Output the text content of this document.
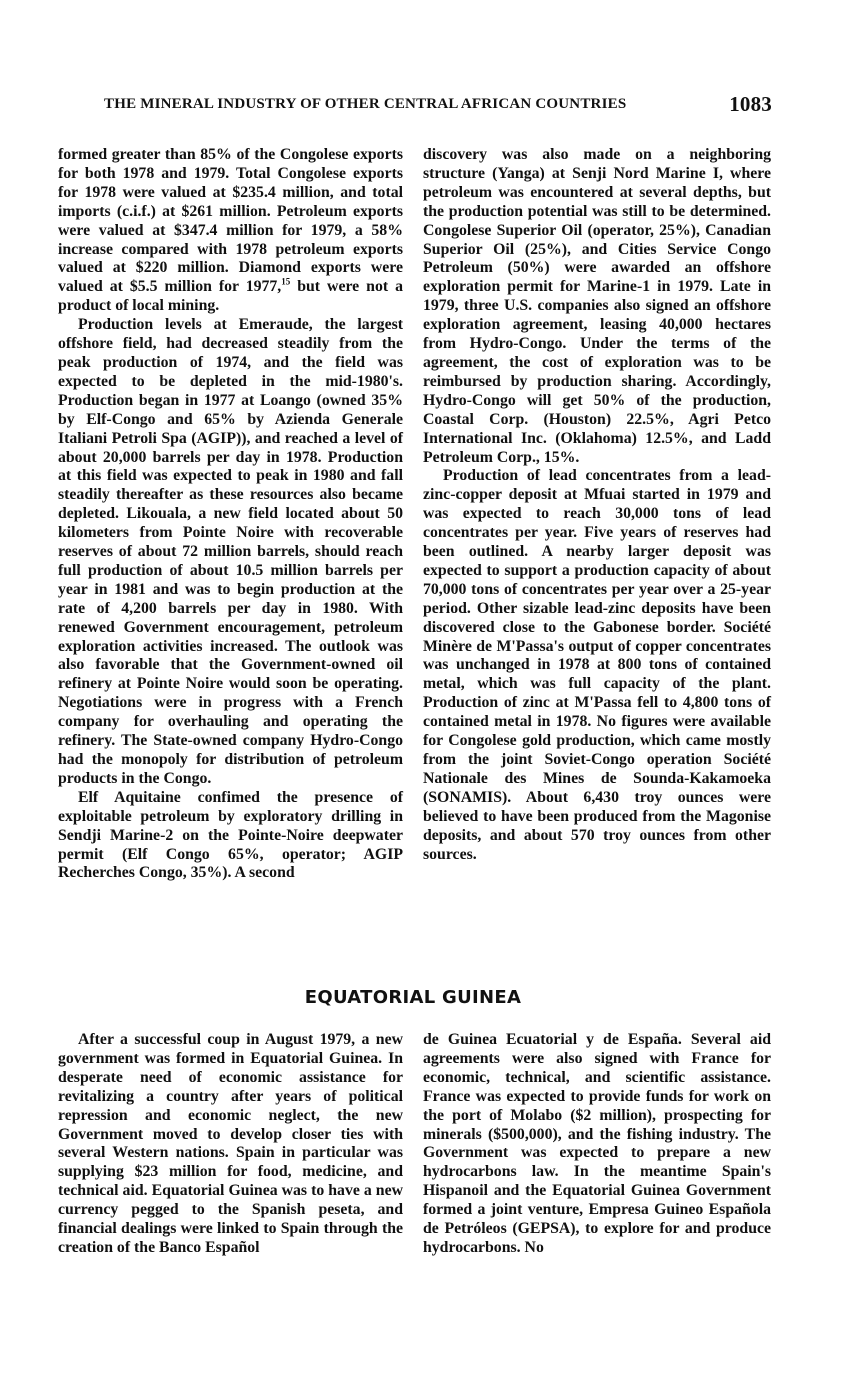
THE MINERAL INDUSTRY OF OTHER CENTRAL AFRICAN COUNTRIES	1083

formed greater than 85% of the Congolese exports for both 1978 and 1979. Total Congolese exports for 1978 were valued at $235.4 million, and total imports (c.i.f.) at $261 million. Petroleum exports were valued at $347.4 million for 1979, a 58% increase compared with 1978 petroleum exports valued at $220 million. Diamond exports were valued at $5.5 million for 1977,15 but were not a product of local mining.

Production levels at Emeraude, the largest offshore field, had decreased steadily from the peak production of 1974, and the field was expected to be depleted in the mid-1980's. Production began in 1977 at Loango (owned 35% by Elf-Congo and 65% by Azienda Generale Italiani Petroli Spa (AGIP)), and reached a level of about 20,000 barrels per day in 1978. Production at this field was expected to peak in 1980 and fall steadily thereafter as these resources also became depleted. Likouala, a new field located about 50 kilometers from Pointe Noire with recoverable reserves of about 72 million barrels, should reach full production of about 10.5 million barrels per year in 1981 and was to begin production at the rate of 4,200 barrels per day in 1980. With renewed Government encouragement, petroleum exploration activities increased. The outlook was also favorable that the Government-owned oil refinery at Pointe Noire would soon be operating. Negotiations were in progress with a French company for overhauling and operating the refinery. The State-owned company Hydro-Congo had the monopoly for distribution of petroleum products in the Congo.

Elf Aquitaine confimed the presence of exploitable petroleum by exploratory drilling in Sendji Marine-2 on the Pointe-Noire deepwater permit (Elf Congo 65%, operator; AGIP Recherches Congo, 35%). A second

discovery was also made on a neighboring structure (Yanga) at Senji Nord Marine I, where petroleum was encountered at several depths, but the production potential was still to be determined. Congolese Superior Oil (operator, 25%), Canadian Superior Oil (25%), and Cities Service Congo Petroleum (50%) were awarded an offshore exploration permit for Marine-1 in 1979. Late in 1979, three U.S. companies also signed an offshore exploration agreement, leasing 40,000 hectares from Hydro-Congo. Under the terms of the agreement, the cost of exploration was to be reimbursed by production sharing. Accordingly, Hydro-Congo will get 50% of the production, Coastal Corp. (Houston) 22.5%, Agri Petco International Inc. (Oklahoma) 12.5%, and Ladd Petroleum Corp., 15%.

Production of lead concentrates from a lead-zinc-copper deposit at Mfuai started in 1979 and was expected to reach 30,000 tons of lead concentrates per year. Five years of reserves had been outlined. A nearby larger deposit was expected to support a production capacity of about 70,000 tons of concentrates per year over a 25-year period. Other sizable lead-zinc deposits have been discovered close to the Gabonese border. Société Minère de M'Passa's output of copper concentrates was unchanged in 1978 at 800 tons of contained metal, which was full capacity of the plant. Production of zinc at M'Passa fell to 4,800 tons of contained metal in 1978. No figures were available for Congolese gold production, which came mostly from the joint Soviet-Congo operation Société Nationale des Mines de Sounda-Kakamoeka (SONAMIS). About 6,430 troy ounces were believed to have been produced from the Magonise deposits, and about 570 troy ounces from other sources.

EQUATORIAL GUINEA

After a successful coup in August 1979, a new government was formed in Equatorial Guinea. In desperate need of economic assistance for revitalizing a country after years of political repression and economic neglect, the new Government moved to develop closer ties with several Western nations. Spain in particular was supplying $23 million for food, medicine, and technical aid. Equatorial Guinea was to have a new currency pegged to the Spanish peseta, and financial dealings were linked to Spain through the creation of the Banco Español

de Guinea Ecuatorial y de España. Several aid agreements were also signed with France for economic, technical, and scientific assistance. France was expected to provide funds for work on the port of Molabo ($2 million), prospecting for minerals ($500,000), and the fishing industry. The Government was expected to prepare a new hydrocarbons law. In the meantime Spain's Hispanoil and the Equatorial Guinea Government formed a joint venture, Empresa Guineo Española de Petróleos (GEPSA), to explore for and produce hydrocarbons. No
